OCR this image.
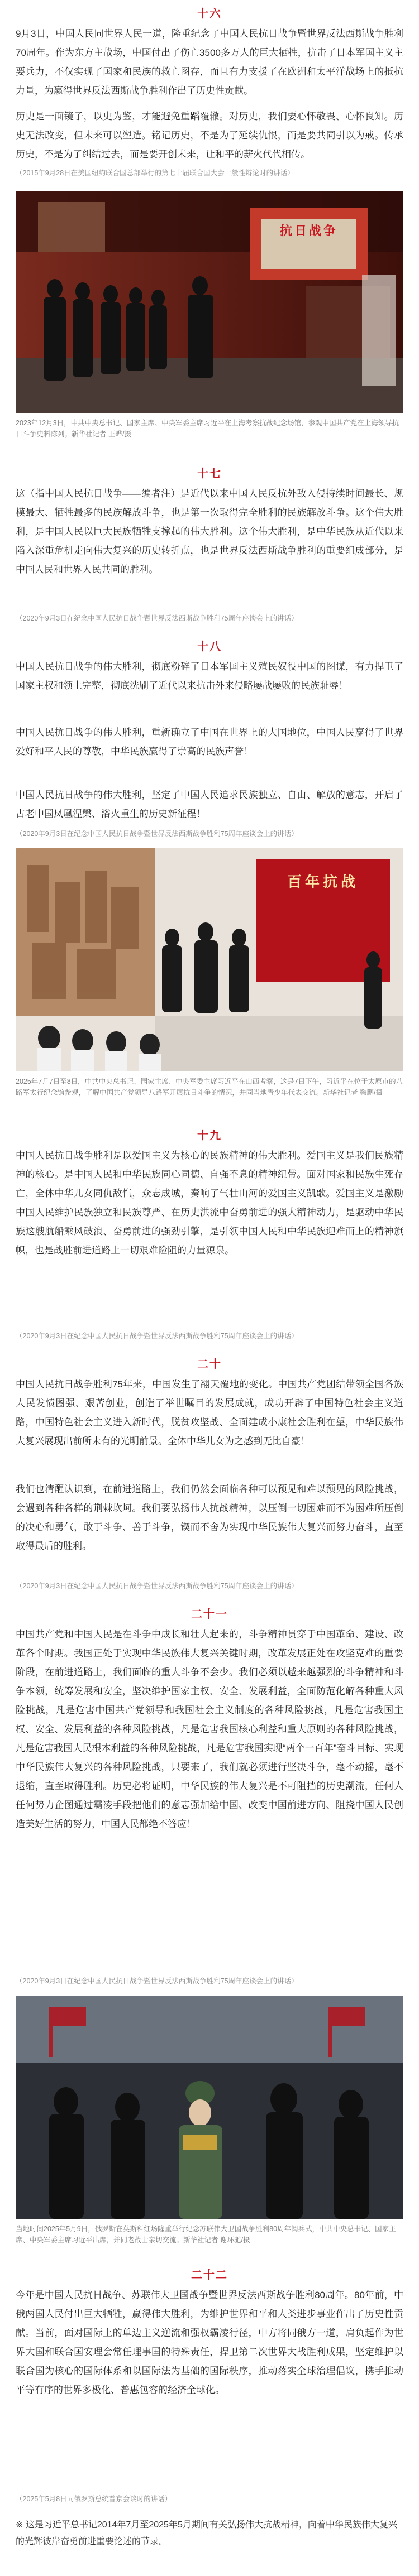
十六
9月3日，中国人民同世界人民一道，隆重纪念了中国人民抗日战争暨世界反法西斯战争胜利70周年。作为东方主战场，中国付出了伤亡3500多万人的巨大牺牲，抗击了日本军国主义主要兵力，不仅实现了国家和民族的救亡图存，而且有力支援了在欧洲和太平洋战场上的抵抗力量，为赢得世界反法西斯战争胜利作出了历史性贡献。
历史是一面镜子，以史为鉴，才能避免重蹈覆辙。对历史，我们要心怀敬畏、心怀良知。历史无法改变，但未来可以塑造。铭记历史，不是为了延续仇恨，而是要共同引以为戒。传承历史，不是为了纠结过去，而是要开创未来，让和平的薪火代代相传。
（2015年9月28日在美国纽约联合国总部举行的第七十届联合国大会一般性辩论时的讲话）
抗日战争
2023年12月3日，中共中央总书记、国家主席、中央军委主席习近平在上海考察抗战纪念场馆，参观中国共产党在上海领导抗日斗争史料陈列。新华社记者 王晔/摄
十七
这（指中国人民抗日战争——编者注）是近代以来中国人民反抗外敌入侵持续时间最长、规模最大、牺牲最多的民族解放斗争，也是第一次取得完全胜利的民族解放斗争。这个伟大胜利，是中国人民以巨大民族牺牲支撑起的伟大胜利。这个伟大胜利，是中华民族从近代以来陷入深重危机走向伟大复兴的历史转折点，也是世界反法西斯战争胜利的重要组成部分，是中国人民和世界人民共同的胜利。
（2020年9月3日在纪念中国人民抗日战争暨世界反法西斯战争胜利75周年座谈会上的讲话）
十八
中国人民抗日战争的伟大胜利，彻底粉碎了日本军国主义殖民奴役中国的图谋，有力捍卫了国家主权和领土完整，彻底洗刷了近代以来抗击外来侵略屡战屡败的民族耻辱！
中国人民抗日战争的伟大胜利，重新确立了中国在世界上的大国地位，中国人民赢得了世界爱好和平人民的尊敬，中华民族赢得了崇高的民族声誉！
中国人民抗日战争的伟大胜利，坚定了中国人民追求民族独立、自由、解放的意志，开启了古老中国凤凰涅槃、浴火重生的历史新征程！
（2020年9月3日在纪念中国人民抗日战争暨世界反法西斯战争胜利75周年座谈会上的讲话）
百年抗战
2025年7月7日至8日，中共中央总书记、国家主席、中央军委主席习近平在山西考察，这是7日下午，习近平在位于太原市的八路军太行纪念馆参观，了解中国共产党领导八路军开展抗日斗争的情况，并同当地青少年代表交流。新华社记者 鞠鹏/摄
十九
中国人民抗日战争胜利是以爱国主义为核心的民族精神的伟大胜利。爱国主义是我们民族精神的核心。是中国人民和中华民族同心同德、自强不息的精神纽带。面对国家和民族生死存亡，全体中华儿女同仇敌忾，众志成城，奏响了气壮山河的爱国主义凯歌。爱国主义是激励中国人民维护民族独立和民族尊严、在历史洪流中奋勇前进的强大精神动力，是驱动中华民族这艘航船乘风破浪、奋勇前进的强劲引擎，是引领中国人民和中华民族迎难而上的精神旗帜，也是战胜前进道路上一切艰难险阻的力量源泉。
（2020年9月3日在纪念中国人民抗日战争暨世界反法西斯战争胜利75周年座谈会上的讲话）
二十
中国人民抗日战争胜利75年来，中国发生了翻天覆地的变化。中国共产党团结带领全国各族人民发愤图强、艰苦创业，创造了举世瞩目的发展成就，成功开辟了中国特色社会主义道路，中国特色社会主义进入新时代，脱贫攻坚战、全面建成小康社会胜利在望，中华民族伟大复兴展现出前所未有的光明前景。全体中华儿女为之感到无比自豪！
我们也清醒认识到，在前进道路上，我们仍然会面临各种可以预见和难以预见的风险挑战，会遇到各种各样的荆棘坎坷。我们要弘扬伟大抗战精神，以压倒一切困难而不为困难所压倒的决心和勇气，敢于斗争、善于斗争，锲而不舍为实现中华民族伟大复兴而努力奋斗，直至取得最后的胜利。
（2020年9月3日在纪念中国人民抗日战争暨世界反法西斯战争胜利75周年座谈会上的讲话）
二十一
中国共产党和中国人民是在斗争中成长和壮大起来的，斗争精神贯穿于中国革命、建设、改革各个时期。我国正处于实现中华民族伟大复兴关键时期，改革发展正处在攻坚克难的重要阶段，在前进道路上，我们面临的重大斗争不会少。我们必须以越来越强烈的斗争精神和斗争本领，统筹发展和安全，坚决维护国家主权、安全、发展利益，全面防范化解各种重大风险挑战，凡是危害中国共产党领导和我国社会主义制度的各种风险挑战，凡是危害我国主权、安全、发展利益的各种风险挑战，凡是危害我国核心利益和重大原则的各种风险挑战，凡是危害我国人民根本利益的各种风险挑战，凡是危害我国实现“两个一百年”奋斗目标、实现中华民族伟大复兴的各种风险挑战，只要来了，我们就必须进行坚决斗争，毫不动摇，毫不退缩，直至取得胜利。历史必将证明，中华民族的伟大复兴是不可阻挡的历史潮流，任何人任何势力企图通过霸凌手段把他们的意志强加给中国、改变中国前进方向、阻挠中国人民创造美好生活的努力，中国人民都绝不答应！
（2020年9月3日在纪念中国人民抗日战争暨世界反法西斯战争胜利75周年座谈会上的讲话）
当地时间2025年5月9日，俄罗斯在莫斯科红场隆重举行纪念苏联伟大卫国战争胜利80周年阅兵式，中共中央总书记、国家主席、中央军委主席习近平出席，并同老战士亲切交流。新华社记者 谢环驰/摄
二十二
今年是中国人民抗日战争、苏联伟大卫国战争暨世界反法西斯战争胜利80周年。80年前，中俄两国人民付出巨大牺牲，赢得伟大胜利，为维护世界和平和人类进步事业作出了历史性贡献。当前，面对国际上的单边主义逆流和强权霸凌行径，中方将同俄方一道，肩负起作为世界大国和联合国安理会常任理事国的特殊责任，捍卫第二次世界大战胜利成果，坚定维护以联合国为核心的国际体系和以国际法为基础的国际秩序，推动落实全球治理倡议，携手推动平等有序的世界多极化、普惠包容的经济全球化。
（2025年5月8日同俄罗斯总统普京会谈时的讲话）
※ 这是习近平总书记2014年7月至2025年5月期间有关弘扬伟大抗战精神，向着中华民族伟大复兴的光辉彼岸奋勇前进重要论述的节录。
